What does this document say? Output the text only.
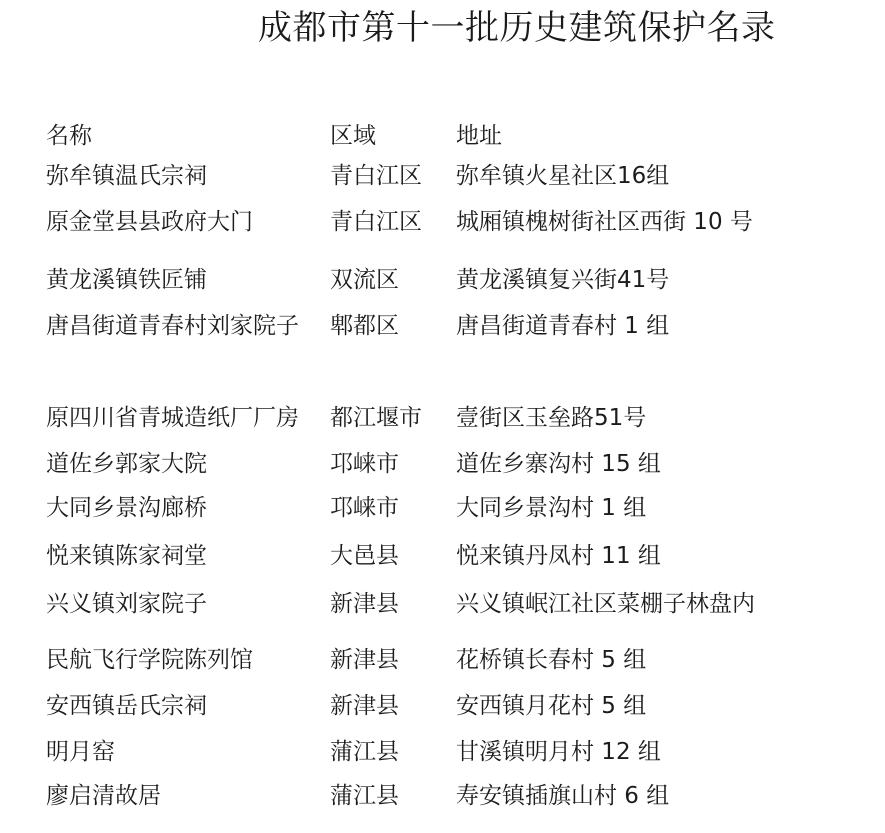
成都市第十一批历史建筑保护名录
名称	区域	地址
弥牟镇温氏宗祠	青白江区 弥牟镇火星社区16组
原金堂县县政府大门	青白江区 城厢镇槐树街社区西街 10 号
黄龙溪镇铁匠铺	双流区 黄龙溪镇复兴街41号
唐昌街道青春村刘家院子 郫都区 唐昌街道青春村 1 组
原四川省青城造纸厂厂房 都江堰市 壹街区玉垒路51号
道佐乡郭家大院	邛崃市 道佐乡寨沟村 15 组
大同乡景沟廊桥	邛崃市 大同乡景沟村 1 组
悦来镇陈家祠堂	大邑县 悦来镇丹凤村 11 组
兴义镇刘家院子	新津县 兴义镇岷江社区菜棚子林盘内
民航飞行学院陈列馆	新津县 花桥镇长春村 5 组
安西镇岳氏宗祠	新津县 安西镇月花村 5 组
明月窑	蒲江县 甘溪镇明月村 12 组
廖启清故居	蒲江县 寿安镇插旗山村 6 组
